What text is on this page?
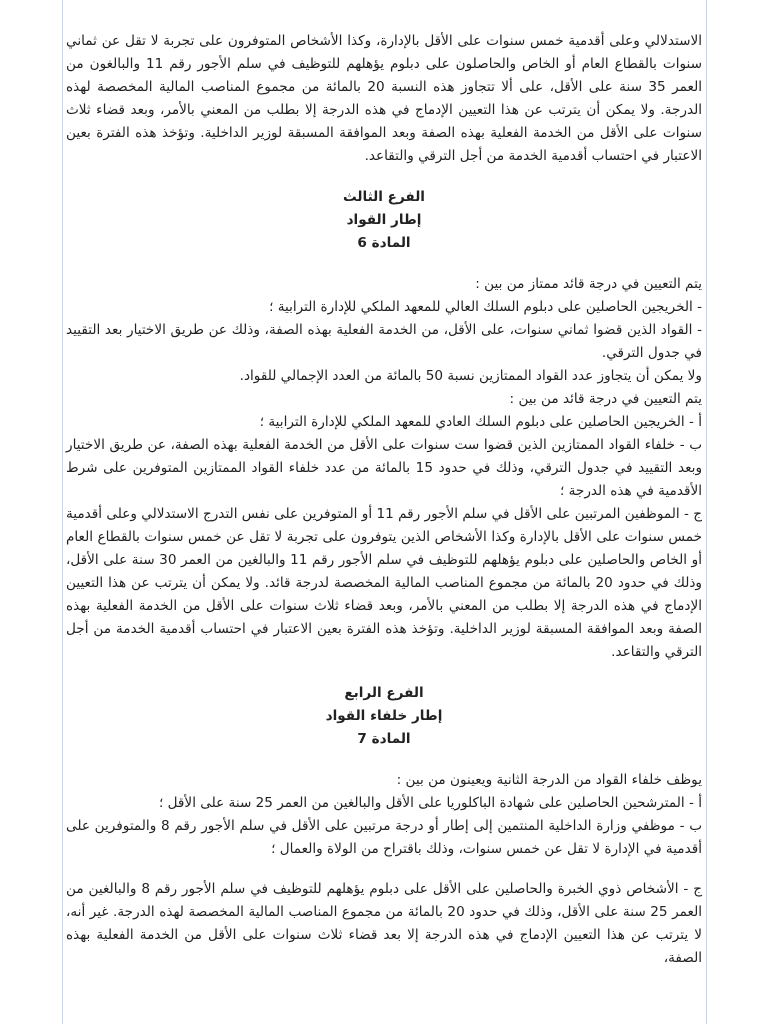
الاستدلالي وعلى أقدمية خمس سنوات على الأقل بالإدارة، وكذا الأشخاص المتوفرون على تجربة لا تقل عن ثماني سنوات بالقطاع العام أو الخاص والحاصلون على دبلوم يؤهلهم للتوظيف في سلم الأجور رقم 11 والبالغون من العمر 35 سنة على الأقل، على ألا تتجاوز هذه النسبة 20 بالمائة من مجموع المناصب المالية المخصصة لهذه الدرجة. ولا يمكن أن يترتب عن هذا التعيين الإدماج في هذه الدرجة إلا بطلب من المعني بالأمر، وبعد قضاء ثلاث سنوات على الأقل من الخدمة الفعلية بهذه الصفة وبعد الموافقة المسبقة لوزير الداخلية. وتؤخذ هذه الفترة بعين الاعتبار في احتساب أقدمية الخدمة من أجل الترقي والتقاعد.

الفرع الثالث
إطار القواد
المادة 6

يتم التعيين في درجة قائد ممتاز من بين :

- الخريجين الحاصلين على دبلوم السلك العالي للمعهد الملكي للإدارة الترابية ؛

- القواد الذين قضوا ثماني سنوات، على الأقل، من الخدمة الفعلية بهذه الصفة، وذلك عن طريق الاختيار بعد التقييد في جدول الترقي.

ولا يمكن أن يتجاوز عدد القواد الممتازين نسبة 50 بالمائة من العدد الإجمالي للقواد.

يتم التعيين في درجة قائد من بين :

أ - الخريجين الحاصلين على دبلوم السلك العادي للمعهد الملكي للإدارة الترابية ؛

ب - خلفاء القواد الممتازين الذين قضوا ست سنوات على الأقل من الخدمة الفعلية بهذه الصفة، عن طريق الاختيار وبعد التقييد في جدول الترقي، وذلك في حدود 15 بالمائة من عدد خلفاء القواد الممتازين المتوفرين على شرط الأقدمية في هذه الدرجة ؛

ج - الموظفين المرتبين على الأقل في سلم الأجور رقم 11 أو المتوفرين على نفس التدرج الاستدلالي وعلى أقدمية خمس سنوات على الأقل بالإدارة وكذا الأشخاص الذين يتوفرون على تجربة لا تقل عن خمس سنوات بالقطاع العام أو الخاص والحاصلين على دبلوم يؤهلهم للتوظيف في سلم الأجور رقم 11 والبالغين من العمر 30 سنة على الأقل، وذلك في حدود 20 بالمائة من مجموع المناصب المالية المخصصة لدرجة قائد. ولا يمكن أن يترتب عن هذا التعيين الإدماج في هذه الدرجة إلا بطلب من المعني بالأمر، وبعد قضاء ثلاث سنوات على الأقل من الخدمة الفعلية بهذه الصفة وبعد الموافقة المسبقة لوزير الداخلية. وتؤخذ هذه الفترة بعين الاعتبار في احتساب أقدمية الخدمة من أجل الترقي والتقاعد.

الفرع الرابع
إطار خلفاء القواد
المادة 7

يوظف خلفاء القواد من الدرجة الثانية ويعينون من بين :

أ - المترشحين الحاصلين على شهادة الباكلوريا على الأقل والبالغين من العمر 25 سنة على الأقل ؛

ب - موظفي وزارة الداخلية المنتمين إلى إطار أو درجة مرتبين على الأقل في سلم الأجور رقم 8 والمتوفرين على أقدمية في الإدارة لا تقل عن خمس سنوات، وذلك باقتراح من الولاة والعمال ؛

ج - الأشخاص ذوي الخبرة والحاصلين على الأقل على دبلوم يؤهلهم للتوظيف في سلم الأجور رقم 8 والبالغين من العمر 25 سنة على الأقل، وذلك في حدود 20 بالمائة من مجموع المناصب المالية المخصصة لهذه الدرجة. غير أنه، لا يترتب عن هذا التعيين الإدماج في هذه الدرجة إلا بعد قضاء ثلاث سنوات على الأقل من الخدمة الفعلية بهذه الصفة،
